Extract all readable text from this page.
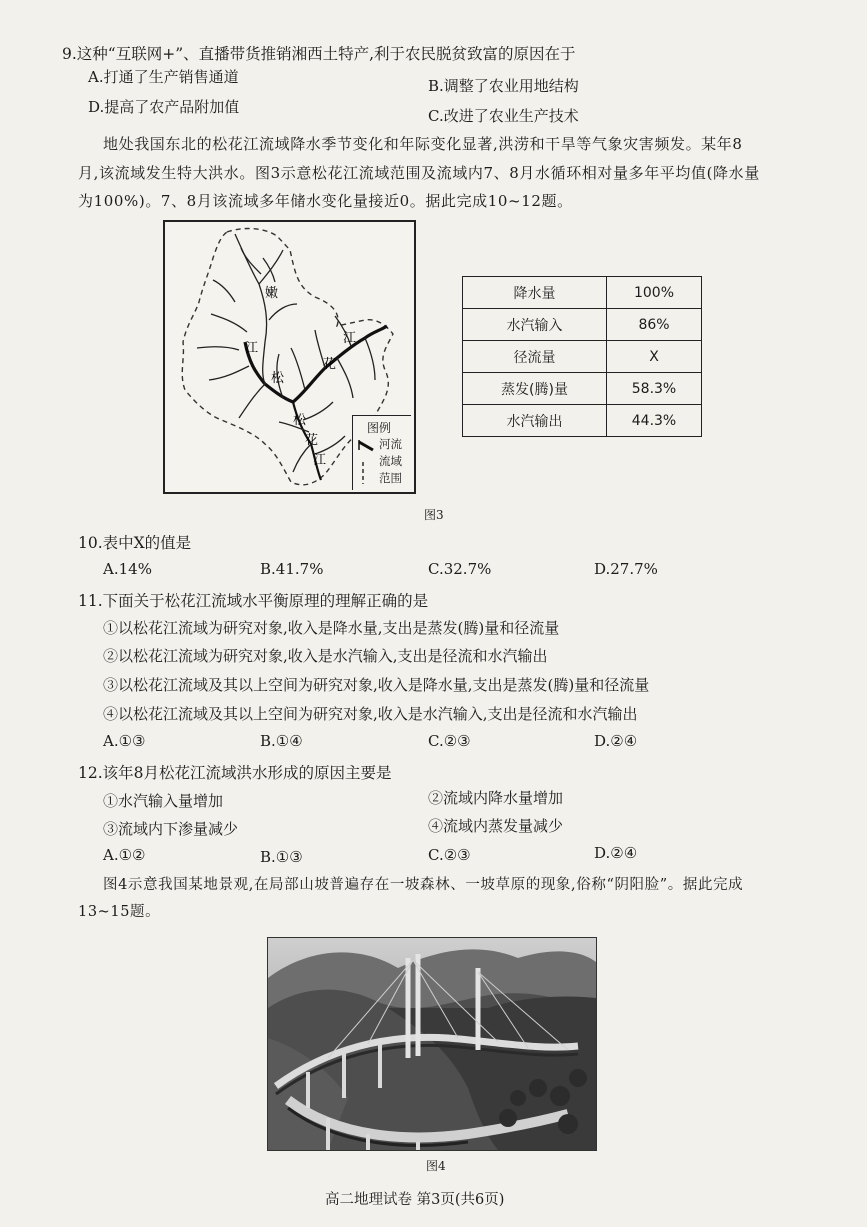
9.这种“互联网+”、直播带货推销湘西土特产,利于农民脱贫致富的原因在于
A.打通了生产销售通道	B.调整了农业用地结构
D.提高了农产品附加值	C.改进了农业生产技术
地处我国东北的松花江流域降水季节变化和年际变化显著,洪涝和干旱等气象灾害频发。某年8
月,该流域发生特大洪水。图3示意松花江流域范围及流域内7、8月水循环相对量多年平均值(降水量
为100%)。7、8月该流域多年储水变化量接近0。据此完成10~12题。
嫩
江
松
花
江
松
花
江
图例
河流
流域
范围
降水量	100%
水汽输入	86%
径流量	X
蒸发(腾)量	58.3%
水汽输出	44.3%
图3
10.表中X的值是
A.14%	B.41.7%	C.32.7%	D.27.7%
11.下面关于松花江流域水平衡原理的理解正确的是
①以松花江流域为研究对象,收入是降水量,支出是蒸发(腾)量和径流量
②以松花江流域为研究对象,收入是水汽输入,支出是径流和水汽输出
③以松花江流域及其以上空间为研究对象,收入是降水量,支出是蒸发(腾)量和径流量
④以松花江流域及其以上空间为研究对象,收入是水汽输入,支出是径流和水汽输出
A.①③	B.①④	C.②③	D.②④
12.该年8月松花江流域洪水形成的原因主要是
①水汽输入量增加	②流域内降水量增加
③流域内下渗量减少	④流域内蒸发量减少
A.①②	B.①③	C.②③	D.②④
图4示意我国某地景观,在局部山坡普遍存在一坡森林、一坡草原的现象,俗称“阴阳脸”。据此完成
13~15题。
图4
高二地理试卷 第3页(共6页)
